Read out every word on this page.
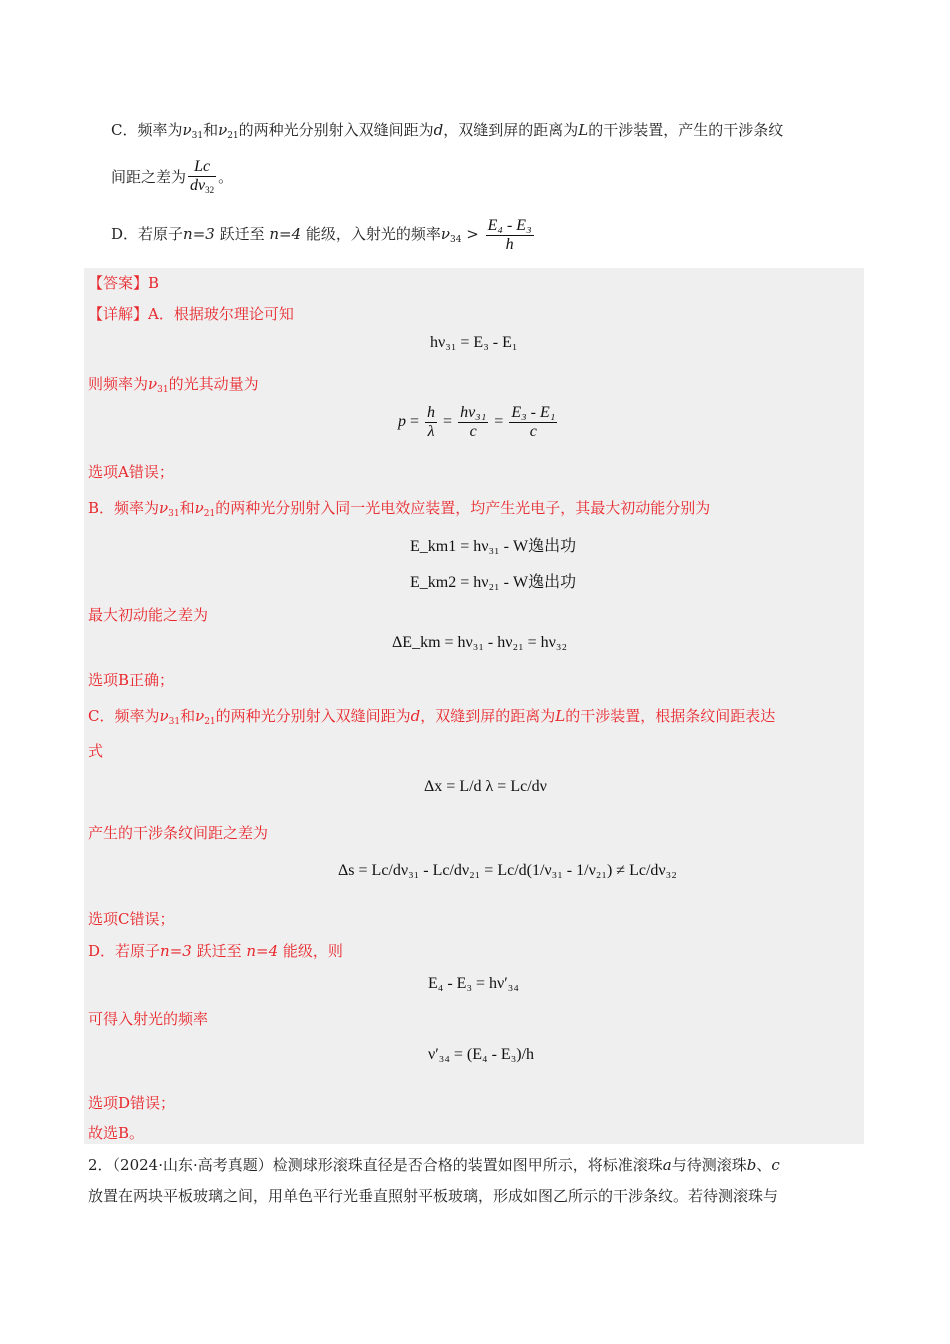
C．频率为$\nu_{31}$和$\nu_{21}$的两种光分别射入双缝间距为d，双缝到屏的距离为L的干涉装置，产生的干涉条纹
间距之差为 $\frac{Lc}{d\nu 32}$ 。
D．若原子n=3 跃迁至 n=4 能级，入射光的频率$\nu_{34} > \frac{\text{E₄ - E₃}}{h}$
【答案】B
【详解】A．根据玻尔理论可知
hν₃₁ = E₃ - E₁
则频率为$\nu_{31}$的光其动量为
$p = \frac{h}{\lambda} = \frac{\text{hν₃₁}}{c} = \frac{\text{E₃ - E₁}}{c}$
选项A错误；
B．频率为$\nu_{31}$和$\nu_{21}$的两种光分别射入同一光电效应装置，均产生光电子，其最大初动能分别为
E_km1 = hν₃₁ - W逸出功
E_km2 = hν₂₁ - W逸出功
最大初动能之差为
ΔE_km = hν₃₁ - hν₂₁ = hν₃₂
选项B正确；
C．频率为$\nu_{31}$和$\nu_{21}$的两种光分别射入双缝间距为d，双缝到屏的距离为L的干涉装置，根据条纹间距表达
式
Δx = L/d λ = Lc/dν
产生的干涉条纹间距之差为
Δs = Lc/dν₃₁ - Lc/dν₂₁ = Lc/d(1/ν₃₁ - 1/ν₂₁) ≠ Lc/dν₃₂
选项C错误；
D．若原子n=3 跃迁至 n=4 能级，则
E₄ - E₃ = hν′₃₄
可得入射光的频率
ν′₃₄ = (E₄ - E₃)/h
选项D错误；
故选B。
2．（2024·山东·高考真题）检测球形滚珠直径是否合格的装置如图甲所示，将标准滚珠a与待测滚珠b、c
放置在两块平板玻璃之间，用单色平行光垂直照射平板玻璃，形成如图乙所示的干涉条纹。若待测滚珠与
